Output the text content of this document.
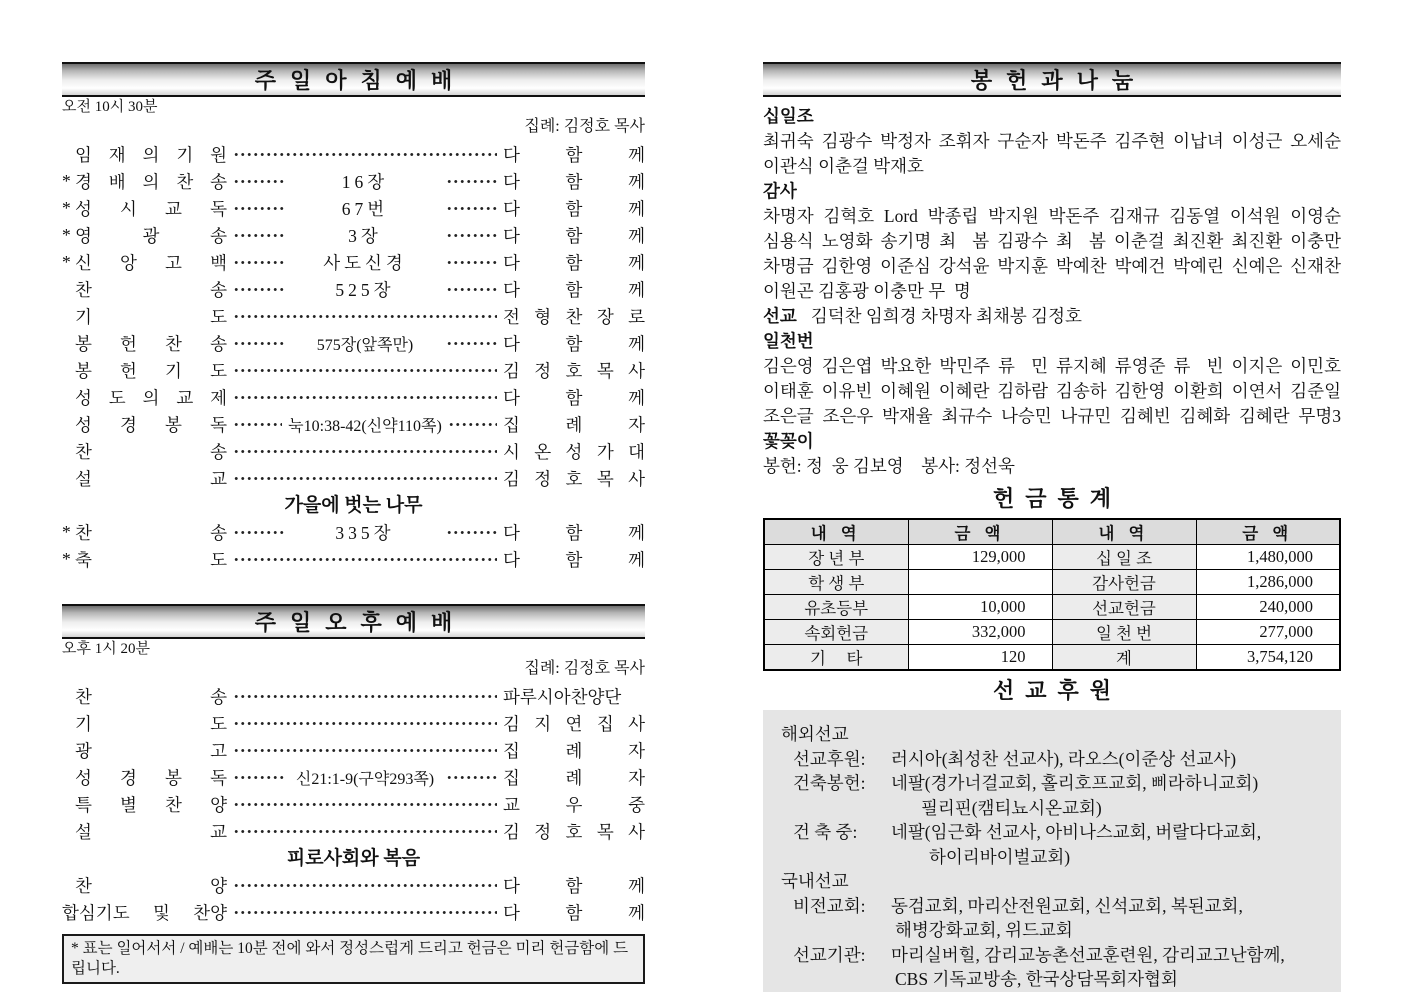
주일아침예배
오전 10시 30분
집례: 김정호 목사

임 재 의 기 원	다 함 께
* 경 배 의 찬 송	16장	다 함 께
* 성 시 교 독	67번	다 함 께
* 영 광 송	3장	다 함 께
* 신 앙 고 백	사도신경	다 함 께

찬 송	525장	다 함 께

기 도	전 형 찬 장 로

봉 헌 찬 송	575장(앞쪽만)	다 함 께

봉 헌 기 도	김 정 호 목 사

성 도 의 교 제	다 함 께

성 경 봉 독	눅10:38-42(신약110쪽)	집 례 자

찬 송	시 온 성 가 대

설 교	김 정 호 목 사
가을에 벗는 나무
* 찬 송	335장	다 함 께
* 축 도	다 함 께
주일오후예배
오후 1시 20분
집례: 김정호 목사

찬 송	파루시아찬양단

기 도	김 지 연 집 사

광 고	집 례 자

성 경 봉 독	신21:1-9(구약293쪽)	집 례 자

특 별 찬 양	교 우 중

설 교	김 정 호 목 사
피로사회와 복음

찬 양	다 함 께
합심기도 및 찬양	다 함 께
* 표는 일어서서 / 예배는 10분 전에 와서 정성스럽게 드리고 헌금은 미리 헌금함에 드립니다.
봉헌과나눔
십일조
최귀숙 김광수 박정자 조휘자 구순자 박돈주 김주현 이납녀 이성근 오세순
이관식 이춘걸 박재호
감사
차명자 김혁호 Lord 박종립 박지원 박돈주 김재규 김동열 이석원 이영순
심용식 노영화 송기명 최  봄 김광수 최  봄 이춘걸 최진환 최진환 이충만
차명금 김한영 이준심 강석윤 박지훈 박예찬 박예건 박예린 신예은 신재찬
이원곤 김홍광 이충만 무  명
선교 김덕찬 임희경 차명자 최채봉 김정호
일천번
김은영 김은엽 박요한 박민주 류  민 류지혜 류영준 류  빈 이지은 이민호
이태훈 이유빈 이혜원 이혜란 김하람 김송하 김한영 이환희 이연서 김준일
조은글 조은우 박재율 최규수 나승민 나규민 김혜빈 김혜화 김혜란 무명3
꽃꽂이
봉헌: 정  웅 김보영    봉사: 정선욱
헌금통계
내 역	금 액	내 역	금 액
장 년 부	129,000	십 일 조	1,480,000
학 생 부		감사헌금	1,286,000
유초등부	10,000	선교헌금	240,000
속회헌금	332,000	일 천 번	277,000
기     타	120	계	3,754,120
선교후원
해외선교
선교후원:	러시아(최성찬 선교사), 라오스(이준상 선교사)
건축봉헌:	네팔(경가너걸교회, 홀리호프교회, 삐라하니교회)
필리핀(캠티뇨시온교회)
건 축 중:	네팔(임근화 선교사, 아비나스교회, 버랄다다교회,
하이리바이벌교회)
국내선교
비전교회:	동검교회, 마리산전원교회, 신석교회, 복된교회,
해병강화교회, 위드교회
선교기관:	마리실버힐, 감리교농촌선교훈련원, 감리교고난함께,
CBS 기독교방송, 한국상담목회자협회
